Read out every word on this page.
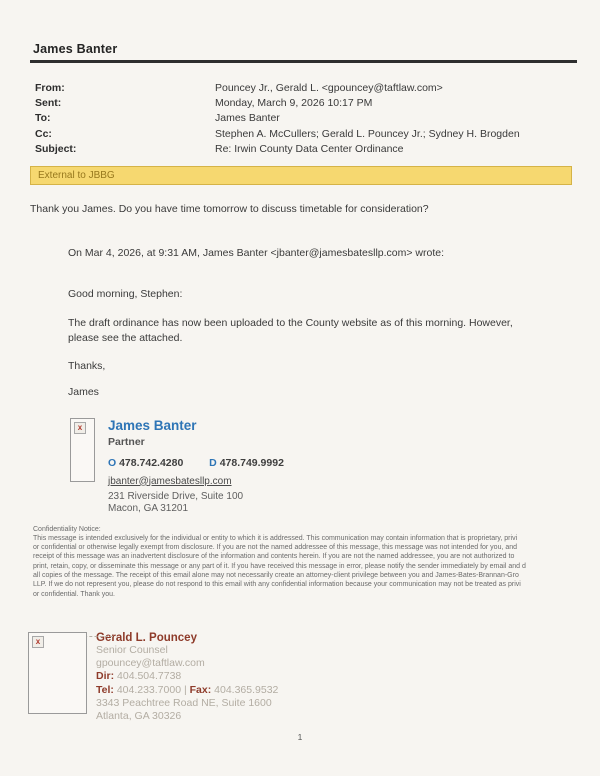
James Banter
From:	Pouncey Jr., Gerald L. <gpouncey@taftlaw.com>
Sent:	Monday, March 9, 2026 10:17 PM
To:	James Banter
Cc:	Stephen A. McCullers; Gerald L. Pouncey Jr.; Sydney H. Brogden
Subject:	Re: Irwin County Data Center Ordinance
External to JBBG
Thank you James. Do you have time tomorrow to discuss timetable for consideration?
On Mar 4, 2026, at 9:31 AM, James Banter <jbanter@jamesbatesllp.com> wrote:
Good morning, Stephen:
The draft ordinance has now been uploaded to the County website as of this morning. However, please see the attached.
Thanks,
James
x James Banter
Partner
O 478.742.4280 D 478.749.9992
jbanter@jamesbatesllp.com
231 Riverside Drive, Suite 100
Macon, GA 31201
Confidentiality Notice:
This message is intended exclusively for the individual or entity to which it is addressed. This communication may contain information that is proprietary, privi
or confidential or otherwise legally exempt from disclosure. If you are not the named addressee of this message, this message was not intended for you, and
receipt of this message was an inadvertent disclosure of the information and contents herein. If you are not the named addressee, you are not authorized to
print, retain, copy, or disseminate this message or any part of it. If you have received this message in error, please notify the sender immediately by email and d
all copies of the message. The receipt of this email alone may not necessarily create an attorney-client privilege between you and James-Bates-Brannan-Gro
LLP. If we do not represent you, please do not respond to this email with any confidential information because your communication may not be treated as privi
or confidential. Thank you.
x	Gerald L. Pouncey
Senior Counsel
gpouncey@taftlaw.com
Dir: 404.504.7738
Tel: 404.233.7000 | Fax: 404.365.9532
3343 Peachtree Road NE, Suite 1600
Atlanta, GA 30326
1
